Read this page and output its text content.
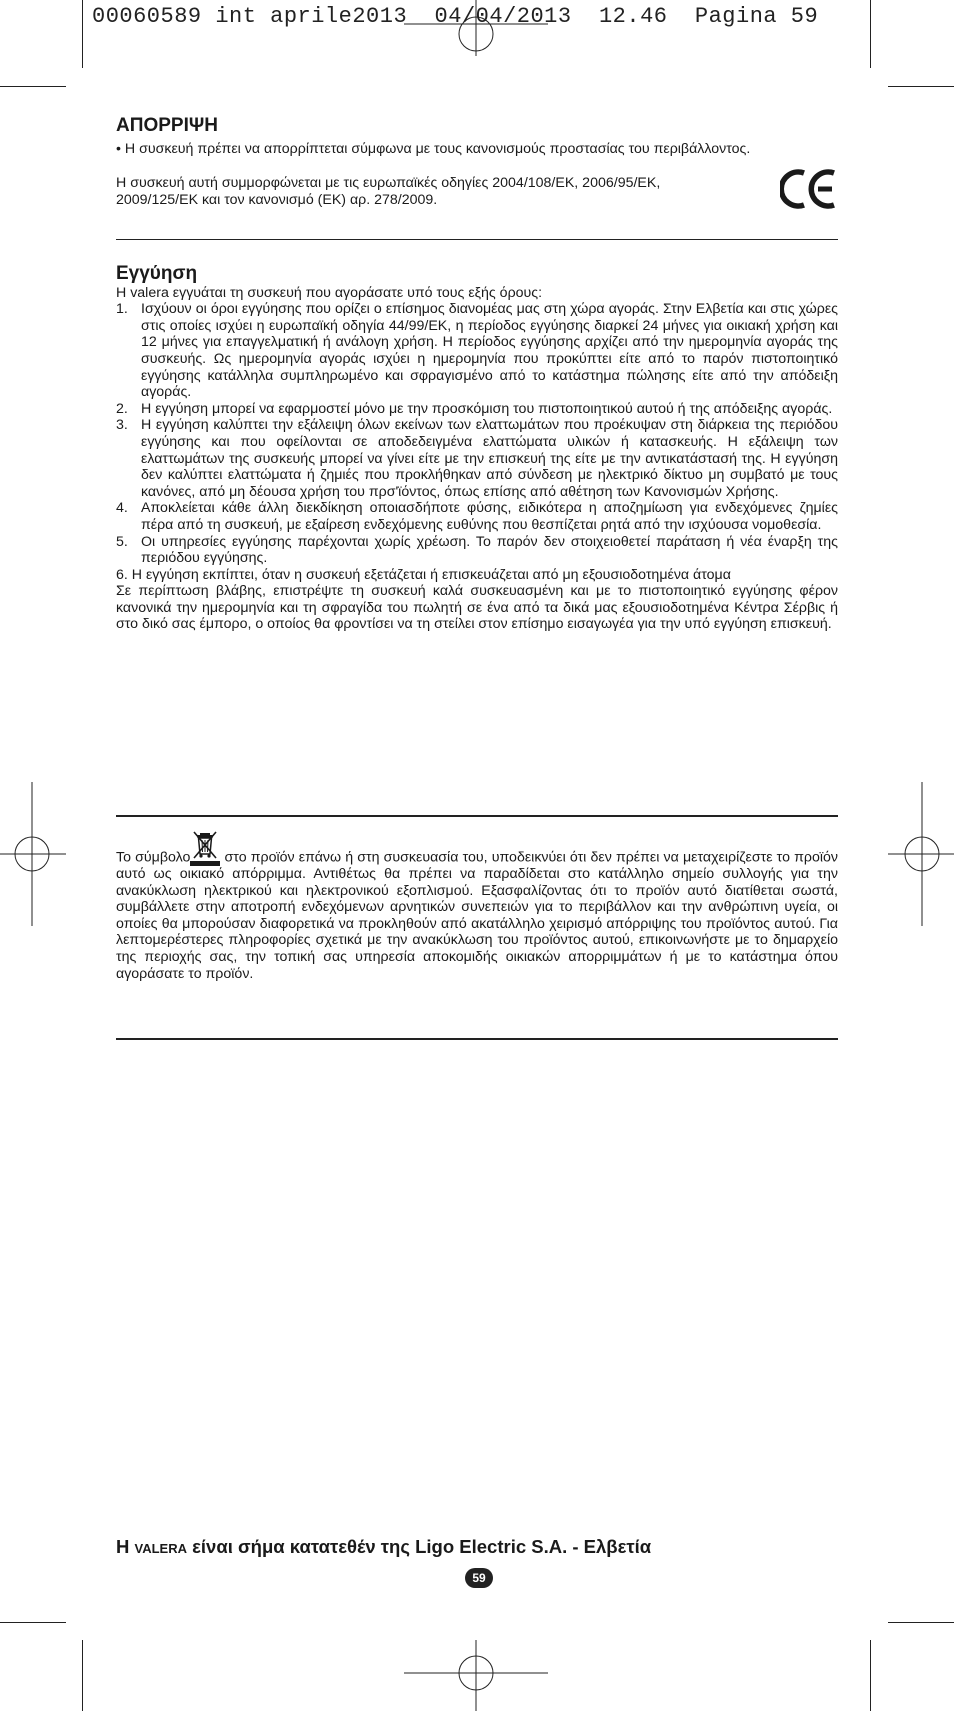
00060589 int aprile2013  04/04/2013  12.46  Pagina 59
ΑΠΟΡΡΙΨΗ

• Η συσκευή πρέπει να απορρίπτεται σύμφωνα με τους κανονισμούς προστασίας του περιβάλλοντος.

Η συσκευή αυτή συμμορφώνεται με τις ευρωπαϊκές οδηγίες 2004/108/ΕΚ, 2006/95/ΕΚ,
2009/125/ΕΚ και τον κανονισμό (ΕΚ) αρ. 278/2009.
Εγγύηση

Η valera εγγυάται τη συσκευή που αγοράσατε υπό τους εξής όρους:

1. Ισχύουν οι όροι εγγύησης που ορίζει ο επίσημος διανομέας μας στη χώρα αγοράς. Στην Ελβετία και στις χώρες στις οποίες ισχύει η ευρωπαϊκή οδηγία 44/99/ΕΚ, η περίοδος εγγύησης διαρκεί 24 μήνες για οικιακή χρήση και 12 μήνες για επαγγελματική ή ανάλογη χρήση. Η περίοδος εγγύησης αρχίζει από την ημερομηνία αγοράς της συσκευής. Ως ημερομηνία αγοράς ισχύει η ημερομηνία που προκύπτει είτε από το παρόν πιστοποιητικό εγγύησης κατάλληλα συμπληρωμένο και σφραγισμένο από το κατάστημα πώλησης είτε από την απόδειξη αγοράς.
2. Η εγγύηση μπορεί να εφαρμοστεί μόνο με την προσκόμιση του πιστοποιητικού αυτού ή της απόδειξης αγοράς.
3. Η εγγύηση καλύπτει την εξάλειψη όλων εκείνων των ελαττωμάτων που προέκυψαν στη διάρκεια της περιόδου εγγύησης και που οφείλονται σε αποδεδειγμένα ελαττώματα υλικών ή κατασκευής. Η εξάλειψη των ελαττωμάτων της συσκευής μπορεί να γίνει είτε με την επισκευή της είτε με την αντικατάστασή της. Η εγγύηση δεν καλύπτει ελαττώματα ή ζημιές που προκλήθηκαν από σύνδεση με ηλεκτρικό δίκτυο μη συμβατό με τους κανόνες, από μη δέουσα χρήση του πρσ'ϊόντος, όπως επίσης από αθέτηση των Κανονισμών Χρήσης.
4. Αποκλείεται κάθε άλλη διεκδίκηση οποιασδήποτε φύσης, ειδικότερα η αποζημίωση για ενδεχόμενες ζημίες πέρα από τη συσκευή, με εξαίρεση ενδεχόμενης ευθύνης που θεσπίζεται ρητά από την ισχύουσα νομοθεσία.
5. Οι υπηρεσίες εγγύησης παρέχονται χωρίς χρέωση. Το παρόν δεν στοιχειοθετεί παράταση ή νέα έναρξη της περιόδου εγγύησης.

6. Η εγγύηση εκπίπτει, όταν η συσκευή εξετάζεται ή επισκευάζεται από μη εξουσιοδοτημένα άτομα

Σε περίπτωση βλάβης, επιστρέψτε τη συσκευή καλά συσκευασμένη και με το πιστοποιητικό εγγύησης φέρον κανονικά την ημερομηνία και τη σφραγίδα του πωλητή σε ένα από τα δικά μας εξουσιοδοτημένα Κέντρα Σέρβις ή στο δικό σας έμπορο, ο οποίος θα φροντίσει να τη στείλει στον επίσημο εισαγωγέα για την υπό εγγύηση επισκευή.

Το σύμβολο
στο προϊόν επάνω ή στη συσκευασία του, υποδεικνύει ότι δεν πρέπει να μεταχειρίζεστε το προϊόν αυτό ως οικιακό απόρριμμα. Αντιθέτως θα πρέπει να παραδίδεται στο κατάλληλο σημείο συλλογής για την ανακύκλωση ηλεκτρικού και ηλεκτρονικού εξοπλισμού. Εξασφαλίζοντας ότι το προϊόν αυτό διατίθεται σωστά, συμβάλλετε στην αποτροπή ενδεχόμενων αρνητικών συνεπειών για το περιβάλλον και την ανθρώπινη υγεία, οι οποίες θα μπορούσαν διαφορετικά να προκληθούν από ακατάλληλο χειρισμό απόρριψης του προϊόντος αυτού. Για λεπτομερέστερες πληροφορίες σχετικά με την ανακύκλωση του προϊόντος αυτού, επικοινωνήστε με το δημαρχείο της περιοχής σας, την τοπική σας υπηρεσία αποκομιδής οικιακών απορριμμάτων ή με το κατάστημα όπου αγοράσατε το προϊόν.

Η VALERA είναι σήμα κατατεθέν της Ligo Electric S.A. - Ελβετία
59
